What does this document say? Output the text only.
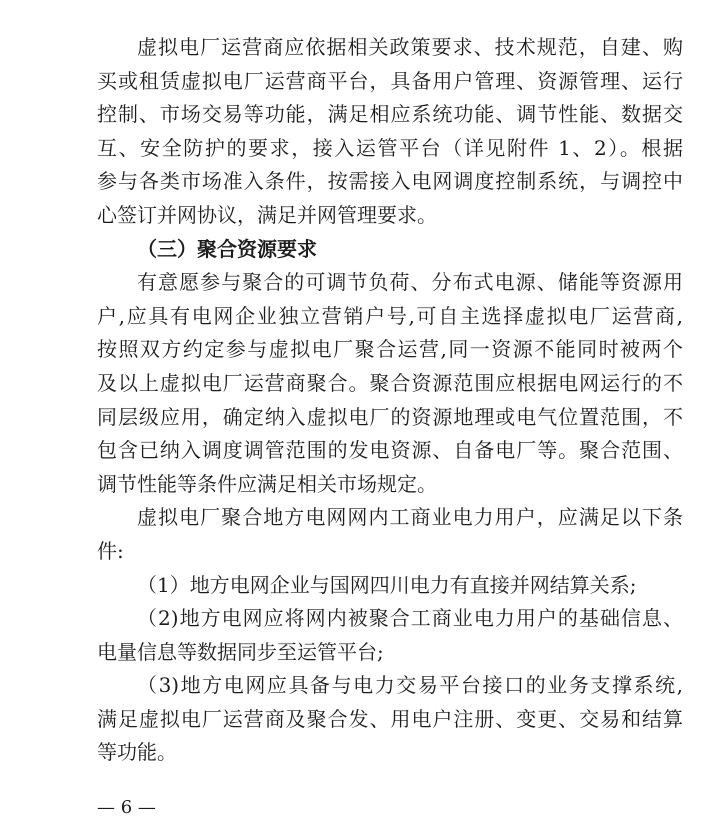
虚拟电厂运营商应依据相关政策要求、技术规范，自建、购
买或租赁虚拟电厂运营商平台，具备用户管理、资源管理、运行
控制、市场交易等功能，满足相应系统功能、调节性能、数据交
互、安全防护的要求，接入运管平台（详见附件 1、2）。根据
参与各类市场准入条件，按需接入电网调度控制系统，与调控中
心签订并网协议，满足并网管理要求。
（三）聚合资源要求
有意愿参与聚合的可调节负荷、分布式电源、储能等资源用
户,应具有电网企业独立营销户号,可自主选择虚拟电厂运营商,
按照双方约定参与虚拟电厂聚合运营,同一资源不能同时被两个
及以上虚拟电厂运营商聚合。聚合资源范围应根据电网运行的不
同层级应用，确定纳入虚拟电厂的资源地理或电气位置范围，不
包含已纳入调度调管范围的发电资源、自备电厂等。聚合范围、
调节性能等条件应满足相关市场规定。
虚拟电厂聚合地方电网网内工商业电力用户，应满足以下条
件:
（1）地方电网企业与国网四川电力有直接并网结算关系;
（2)地方电网应将网内被聚合工商业电力用户的基础信息、
电量信息等数据同步至运管平台;
（3)地方电网应具备与电力交易平台接口的业务支撑系统,
满足虚拟电厂运营商及聚合发、用电户注册、变更、交易和结算
等功能。
— 6 —
